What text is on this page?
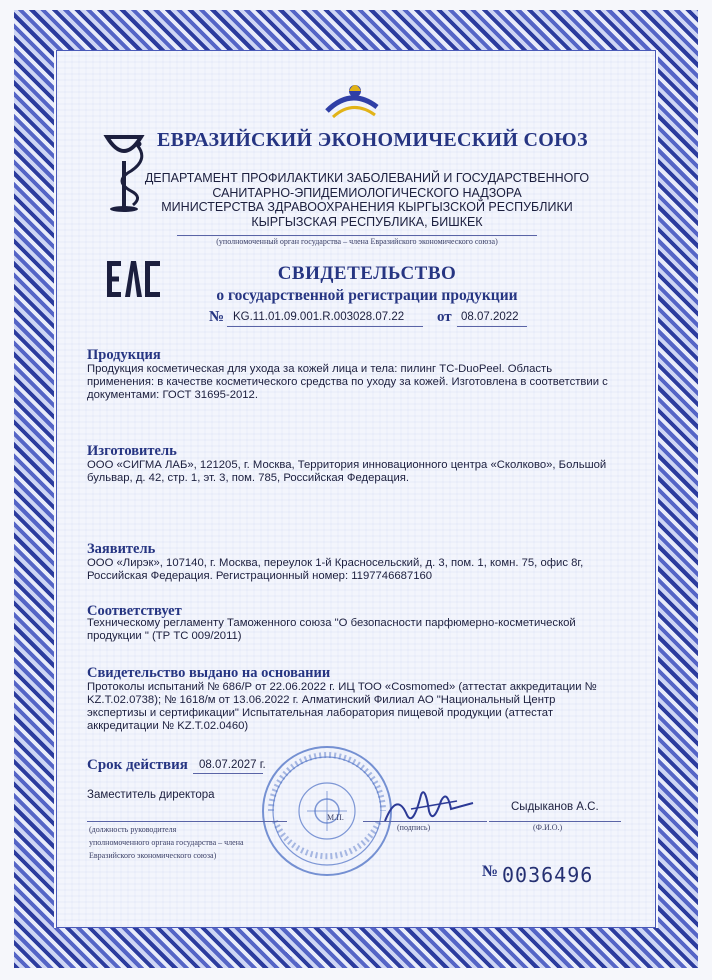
ЕВРАЗИЙСКИЙ ЭКОНОМИЧЕСКИЙ СОЮЗ
ДЕПАРТАМЕНТ ПРОФИЛАКТИКИ ЗАБОЛЕВАНИЙ И ГОСУДАРСТВЕННОГО
САНИТАРНО-ЭПИДЕМИОЛОГИЧЕСКОГО НАДЗОРА
МИНИСТЕРСТВА ЗДРАВООХРАНЕНИЯ КЫРГЫЗСКОЙ РЕСПУБЛИКИ
КЫРГЫЗСКАЯ РЕСПУБЛИКА, БИШКЕК
(уполномоченный орган государства – члена Евразийского экономического союза)
СВИДЕТЕЛЬСТВО
о государственной регистрации продукции
№ KG.11.01.09.001.R.003028.07.22 от 08.07.2022
Продукция
Продукция косметическая для ухода за кожей лица и тела: пилинг TC-DuoPeel. Область применения: в качестве косметического средства по уходу за кожей. Изготовлена в соответствии с документами: ГОСТ 31695-2012.
Изготовитель
ООО «СИГМА ЛАБ», 121205, г. Москва, Территория инновационного центра «Сколково», Большой бульвар, д. 42, стр. 1, эт. 3, пом. 785, Российская Федерация.
Заявитель
ООО «Лирэк», 107140, г. Москва, переулок 1-й Красносельский, д. 3, пом. 1, комн. 75, офис 8г, Российская Федерация. Регистрационный номер: 1197746687160
Соответствует
Техническому регламенту Таможенного союза "О безопасности парфюмерно-косметической продукции " (ТР ТС 009/2011)
Свидетельство выдано на основании
Протоколы испытаний № 686/Р от 22.06.2022 г. ИЦ ТОО «Cosmomed» (аттестат аккредитации № KZ.T.02.0738); № 1618/м от 13.06.2022 г. Алматинский Филиал АО "Национальный Центр экспертизы и сертификации" Испытательная лаборатория пищевой продукции (аттестат аккредитации № KZ.T.02.0460)
Срок действия 08.07.2027 г.
Заместитель директора
Сыдыканов А.С.
(должность руководителя
уполномоченного органа государства – члена
Евразийского экономического союза)
М.П.
(подпись)	(Ф.И.О.)
№ 0036496
